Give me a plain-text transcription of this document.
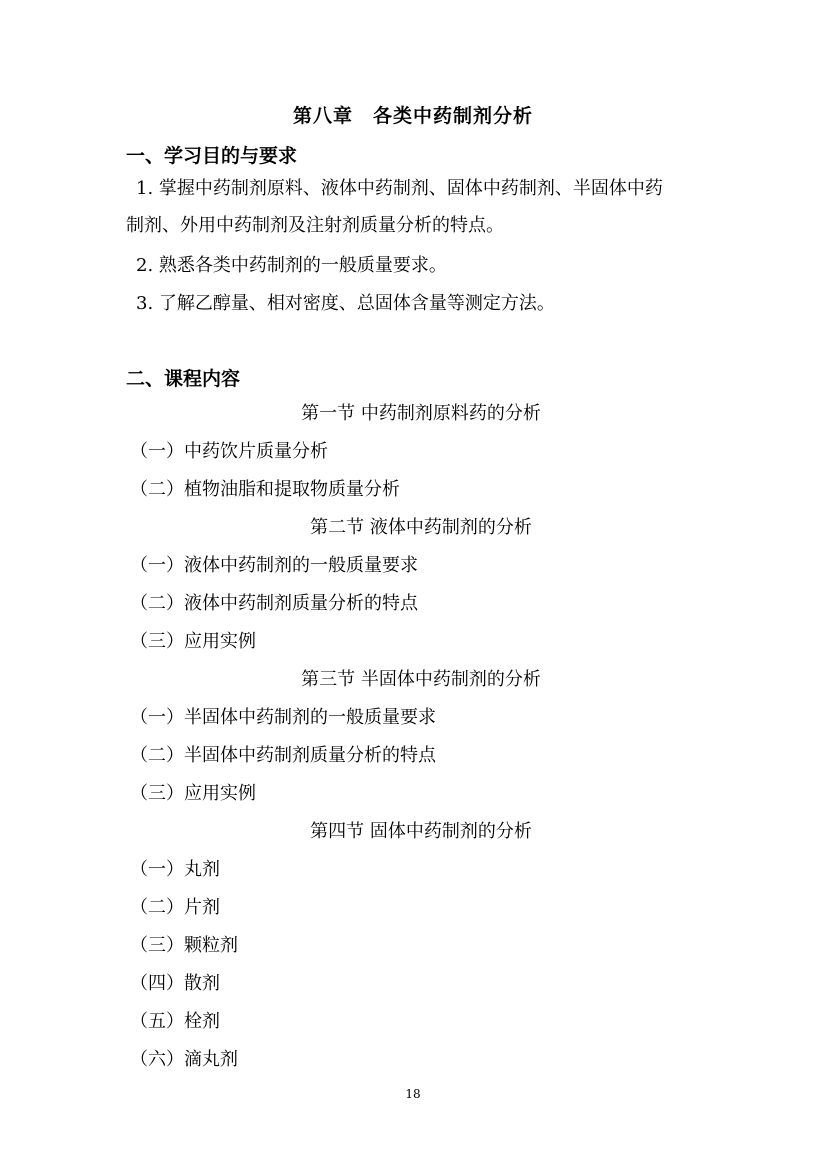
第八章　各类中药制剂分析
一、学习目的与要求
1. 掌握中药制剂原料、液体中药制剂、固体中药制剂、半固体中药
制剂、外用中药制剂及注射剂质量分析的特点。
2. 熟悉各类中药制剂的一般质量要求。
3. 了解乙醇量、相对密度、总固体含量等测定方法。
二、课程内容
第一节 中药制剂原料药的分析
（一）中药饮片质量分析
（二）植物油脂和提取物质量分析
第二节 液体中药制剂的分析
（一）液体中药制剂的一般质量要求
（二）液体中药制剂质量分析的特点
（三）应用实例
第三节 半固体中药制剂的分析
（一）半固体中药制剂的一般质量要求
（二）半固体中药制剂质量分析的特点
（三）应用实例
第四节 固体中药制剂的分析
（一）丸剂
（二）片剂
（三）颗粒剂
（四）散剂
（五）栓剂
（六）滴丸剂
18
